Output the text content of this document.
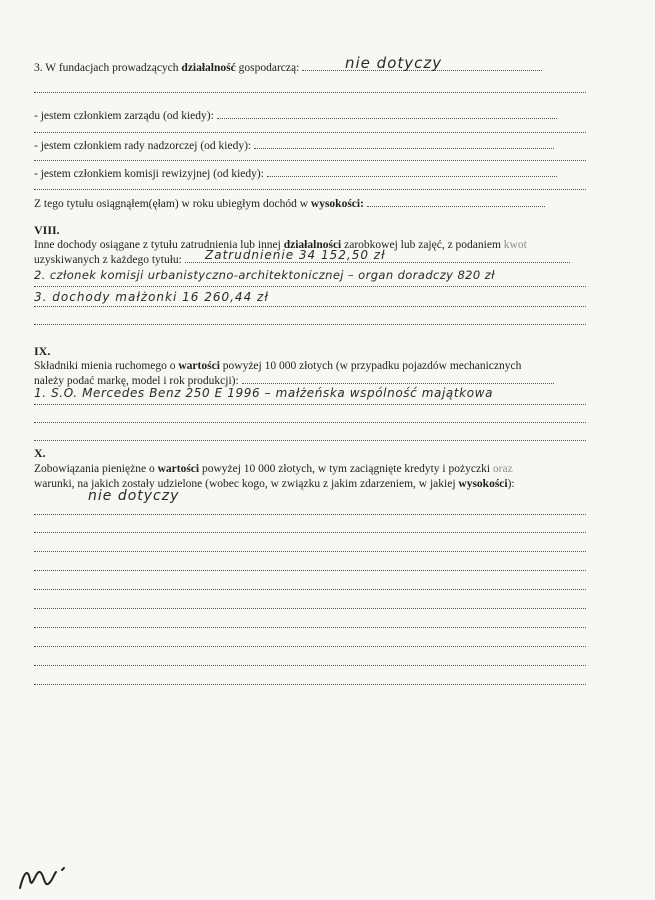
3. W fundacjach prowadzących działalność gospodarczą:	nie dotyczy
- jestem członkiem zarządu (od kiedy):
- jestem członkiem rady nadzorczej (od kiedy):
- jestem członkiem komisji rewizyjnej (od kiedy):
Z tego tytułu osiągnąłem(ęłam) w roku ubiegłym dochód w wysokości:
VIII.
Inne dochody osiągane z tytułu zatrudnienia lub innej działalności zarobkowej lub zajęć, z podaniem kwot
uzyskiwanych z każdego tytułu:	Zatrudnienie 34 152,50 zł
2. członek komisji urbanistyczno-architektonicznej – organ doradczy 820 zł
3. dochody małżonki 16 260,44 zł
IX.
Składniki mienia ruchomego o wartości powyżej 10 000 złotych (w przypadku pojazdów mechanicznych
należy podać markę, model i rok produkcji):
1. S.O. Mercedes Benz 250 E 1996 – małżeńska wspólność majątkowa
X.
Zobowiązania pieniężne o wartości powyżej 10 000 złotych, w tym zaciągnięte kredyty i pożyczki oraz
warunki, na jakich zostały udzielone (wobec kogo, w związku z jakim zdarzeniem, w jakiej wysokości):
nie dotyczy
